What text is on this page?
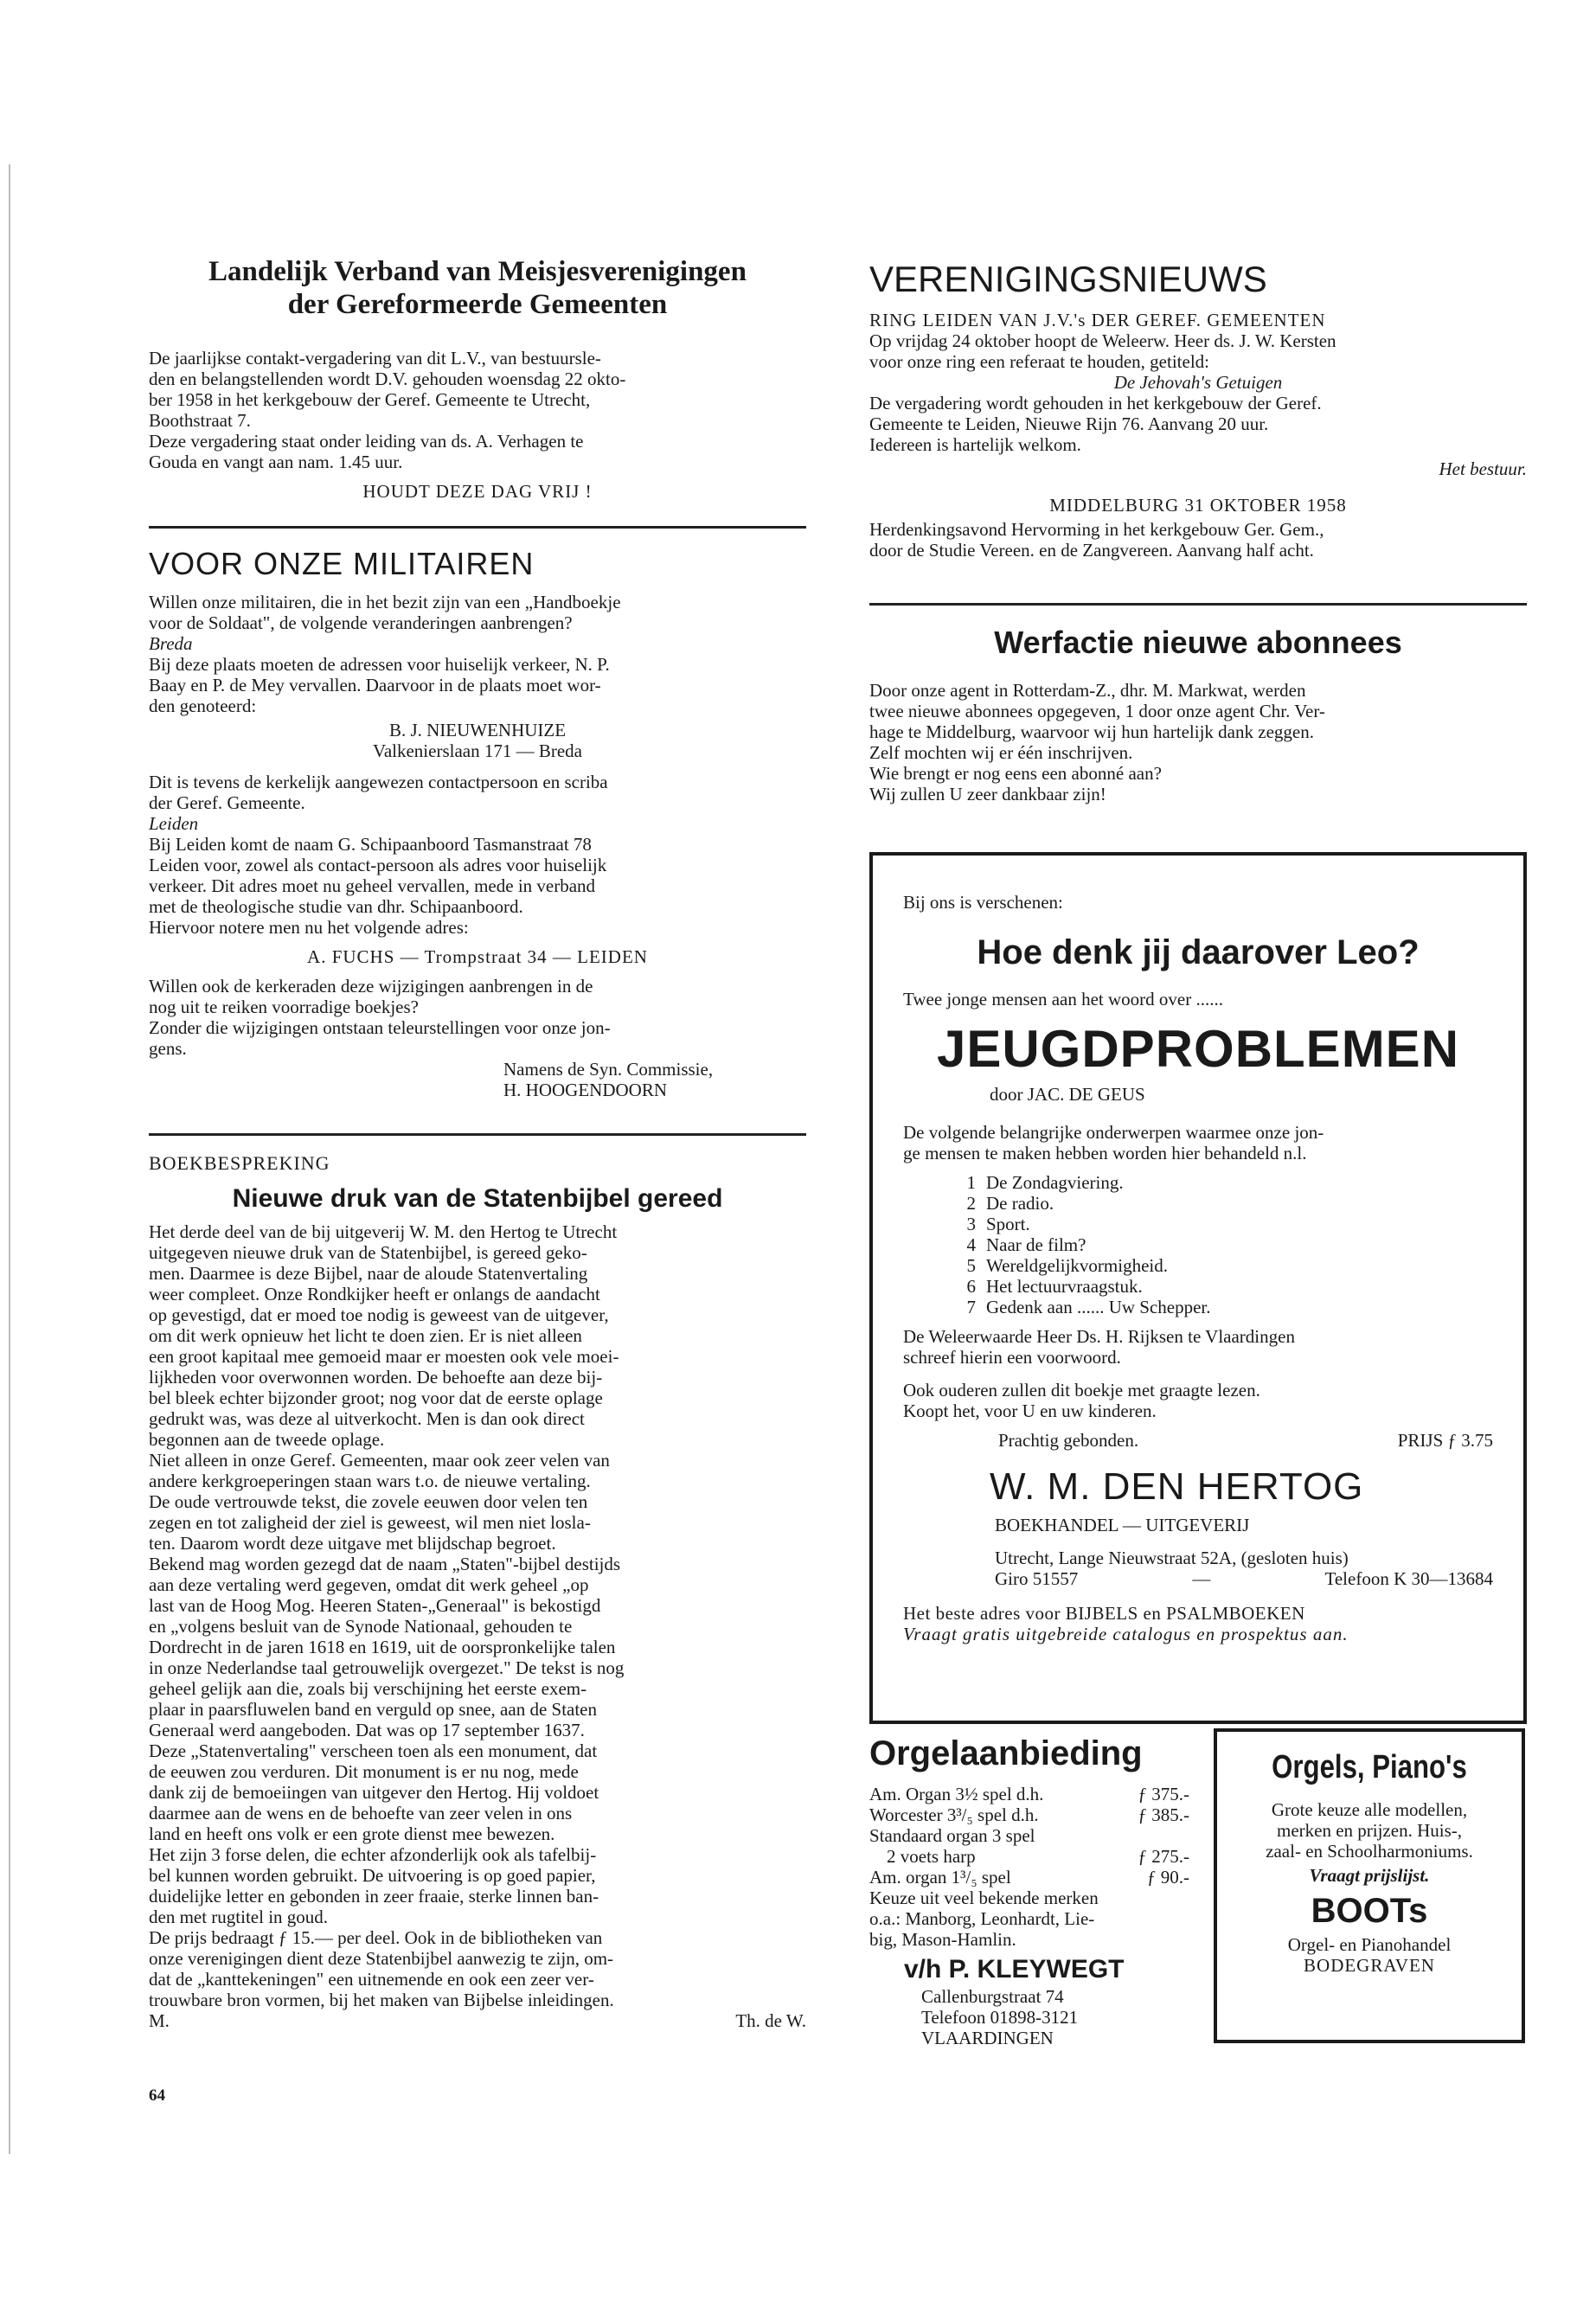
Landelijk Verband van Meisjesverenigingen
der Gereformeerde Gemeenten

De jaarlijkse contakt-vergadering van dit L.V., van bestuursle-

den en belangstellenden wordt D.V. gehouden woensdag 22 okto-

ber 1958 in het kerkgebouw der Geref. Gemeente te Utrecht,

Boothstraat 7.

Deze vergadering staat onder leiding van ds. A. Verhagen te

Gouda en vangt aan nam. 1.45 uur.

HOUDT DEZE DAG VRIJ !

VOOR ONZE MILITAIREN

Willen onze militairen, die in het bezit zijn van een „Handboekje

voor de Soldaat", de volgende veranderingen aanbrengen?

Breda

Bij deze plaats moeten de adressen voor huiselijk verkeer, N. P.

Baay en P. de Mey vervallen. Daarvoor in de plaats moet wor-

den genoteerd:

B. J. NIEUWENHUIZE

Valkenierslaan 171 — Breda

Dit is tevens de kerkelijk aangewezen contactpersoon en scriba

der Geref. Gemeente.

Leiden

Bij Leiden komt de naam G. Schipaanboord Tasmanstraat 78

Leiden voor, zowel als contact-persoon als adres voor huiselijk

verkeer. Dit adres moet nu geheel vervallen, mede in verband

met de theologische studie van dhr. Schipaanboord.

Hiervoor notere men nu het volgende adres:

A. FUCHS — Trompstraat 34 — LEIDEN

Willen ook de kerkeraden deze wijzigingen aanbrengen in de

nog uit te reiken voorradige boekjes?

Zonder die wijzigingen ontstaan teleurstellingen voor onze jon-

gens.

Namens de Syn. Commissie,

H. HOOGENDOORN

BOEKBESPREKING
Nieuwe druk van de Statenbijbel gereed

Het derde deel van de bij uitgeverij W. M. den Hertog te Utrecht

uitgegeven nieuwe druk van de Statenbijbel, is gereed geko-

men. Daarmee is deze Bijbel, naar de aloude Statenvertaling

weer compleet. Onze Rondkijker heeft er onlangs de aandacht

op gevestigd, dat er moed toe nodig is geweest van de uitgever,

om dit werk opnieuw het licht te doen zien. Er is niet alleen

een groot kapitaal mee gemoeid maar er moesten ook vele moei-

lijkheden voor overwonnen worden. De behoefte aan deze bij-

bel bleek echter bijzonder groot; nog voor dat de eerste oplage

gedrukt was, was deze al uitverkocht. Men is dan ook direct

begonnen aan de tweede oplage.

Niet alleen in onze Geref. Gemeenten, maar ook zeer velen van

andere kerkgroeperingen staan wars t.o. de nieuwe vertaling.

De oude vertrouwde tekst, die zovele eeuwen door velen ten

zegen en tot zaligheid der ziel is geweest, wil men niet losla-

ten. Daarom wordt deze uitgave met blijdschap begroet.

Bekend mag worden gezegd dat de naam „Staten"-bijbel destijds

aan deze vertaling werd gegeven, omdat dit werk geheel „op

last van de Hoog Mog. Heeren Staten-„Generaal" is bekostigd

en „volgens besluit van de Synode Nationaal, gehouden te

Dordrecht in de jaren 1618 en 1619, uit de oorspronkelijke talen

in onze Nederlandse taal getrouwelijk overgezet." De tekst is nog

geheel gelijk aan die, zoals bij verschijning het eerste exem-

plaar in paarsfluwelen band en verguld op snee, aan de Staten

Generaal werd aangeboden. Dat was op 17 september 1637.

Deze „Statenvertaling" verscheen toen als een monument, dat

de eeuwen zou verduren. Dit monument is er nu nog, mede

dank zij de bemoeiingen van uitgever den Hertog. Hij voldoet

daarmee aan de wens en de behoefte van zeer velen in ons

land en heeft ons volk er een grote dienst mee bewezen.

Het zijn 3 forse delen, die echter afzonderlijk ook als tafelbij-

bel kunnen worden gebruikt. De uitvoering is op goed papier,

duidelijke letter en gebonden in zeer fraaie, sterke linnen ban-

den met rugtitel in goud.

De prijs bedraagt ƒ 15.— per deel. Ook in de bibliotheken van

onze verenigingen dient deze Statenbijbel aanwezig te zijn, om-

dat de „kanttekeningen" een uitnemende en ook een zeer ver-

trouwbare bron vormen, bij het maken van Bijbelse inleidingen.

M.	Th. de W.
64
VERENIGINGSNIEUWS

RING LEIDEN VAN J.V.'s DER GEREF. GEMEENTEN

Op vrijdag 24 oktober hoopt de Weleerw. Heer ds. J. W. Kersten

voor onze ring een referaat te houden, getiteld:

De Jehovah's Getuigen

De vergadering wordt gehouden in het kerkgebouw der Geref.

Gemeente te Leiden, Nieuwe Rijn 76. Aanvang 20 uur.

Iedereen is hartelijk welkom.

Het bestuur.

MIDDELBURG 31 OKTOBER 1958

Herdenkingsavond Hervorming in het kerkgebouw Ger. Gem.,

door de Studie Vereen. en de Zangvereen. Aanvang half acht.

Werfactie nieuwe abonnees

Door onze agent in Rotterdam-Z., dhr. M. Markwat, werden

twee nieuwe abonnees opgegeven, 1 door onze agent Chr. Ver-

hage te Middelburg, waarvoor wij hun hartelijk dank zeggen.

Zelf mochten wij er één inschrijven.

Wie brengt er nog eens een abonné aan?

Wij zullen U zeer dankbaar zijn!

Bij ons is verschenen:
Hoe denk jij daarover Leo?
Twee jonge mensen aan het woord over ......
JEUGDPROBLEMEN
door JAC. DE GEUS

De volgende belangrijke onderwerpen waarmee onze jon-

ge mensen te maken hebben worden hier behandeld n.l.

1 De Zondagviering.
2 De radio.
3 Sport.
4 Naar de film?
5 Wereldgelijkvormigheid.
6 Het lectuurvraagstuk.
7 Gedenk aan ...... Uw Schepper.

De Weleerwaarde Heer Ds. H. Rijksen te Vlaardingen

schreef hierin een voorwoord.

Ook ouderen zullen dit boekje met graagte lezen.

Koopt het, voor U en uw kinderen.

Prachtig gebonden.	PRIJS ƒ 3.75
W. M. DEN HERTOG
BOEKHANDEL — UITGEVERIJ
Utrecht, Lange Nieuwstraat 52A, (gesloten huis)
Giro 51557	—	Telefoon K 30—13684
Het beste adres voor BIJBELS en PSALMBOEKEN
Vraagt gratis uitgebreide catalogus en prospektus aan.
Orgelaanbieding
Am. Organ 3½ spel d.h.	ƒ 375.-
Worcester 3³/₅ spel d.h.	ƒ 385.-
Standaard organ 3 spel
2 voets harp	ƒ 275.-
Am. organ 1³/₅ spel	ƒ 90.-

Keuze uit veel bekende merken

o.a.: Manborg, Leonhardt, Lie-

big, Mason-Hamlin.

v/h P. KLEYWEGT

Callenburgstraat 74

Telefoon 01898-3121

VLAARDINGEN

Orgels, Piano's

Grote keuze alle modellen,

merken en prijzen. Huis-,

zaal- en Schoolharmoniums.

Vraagt prijslijst.

BOOTs

Orgel- en Pianohandel

BODEGRAVEN
